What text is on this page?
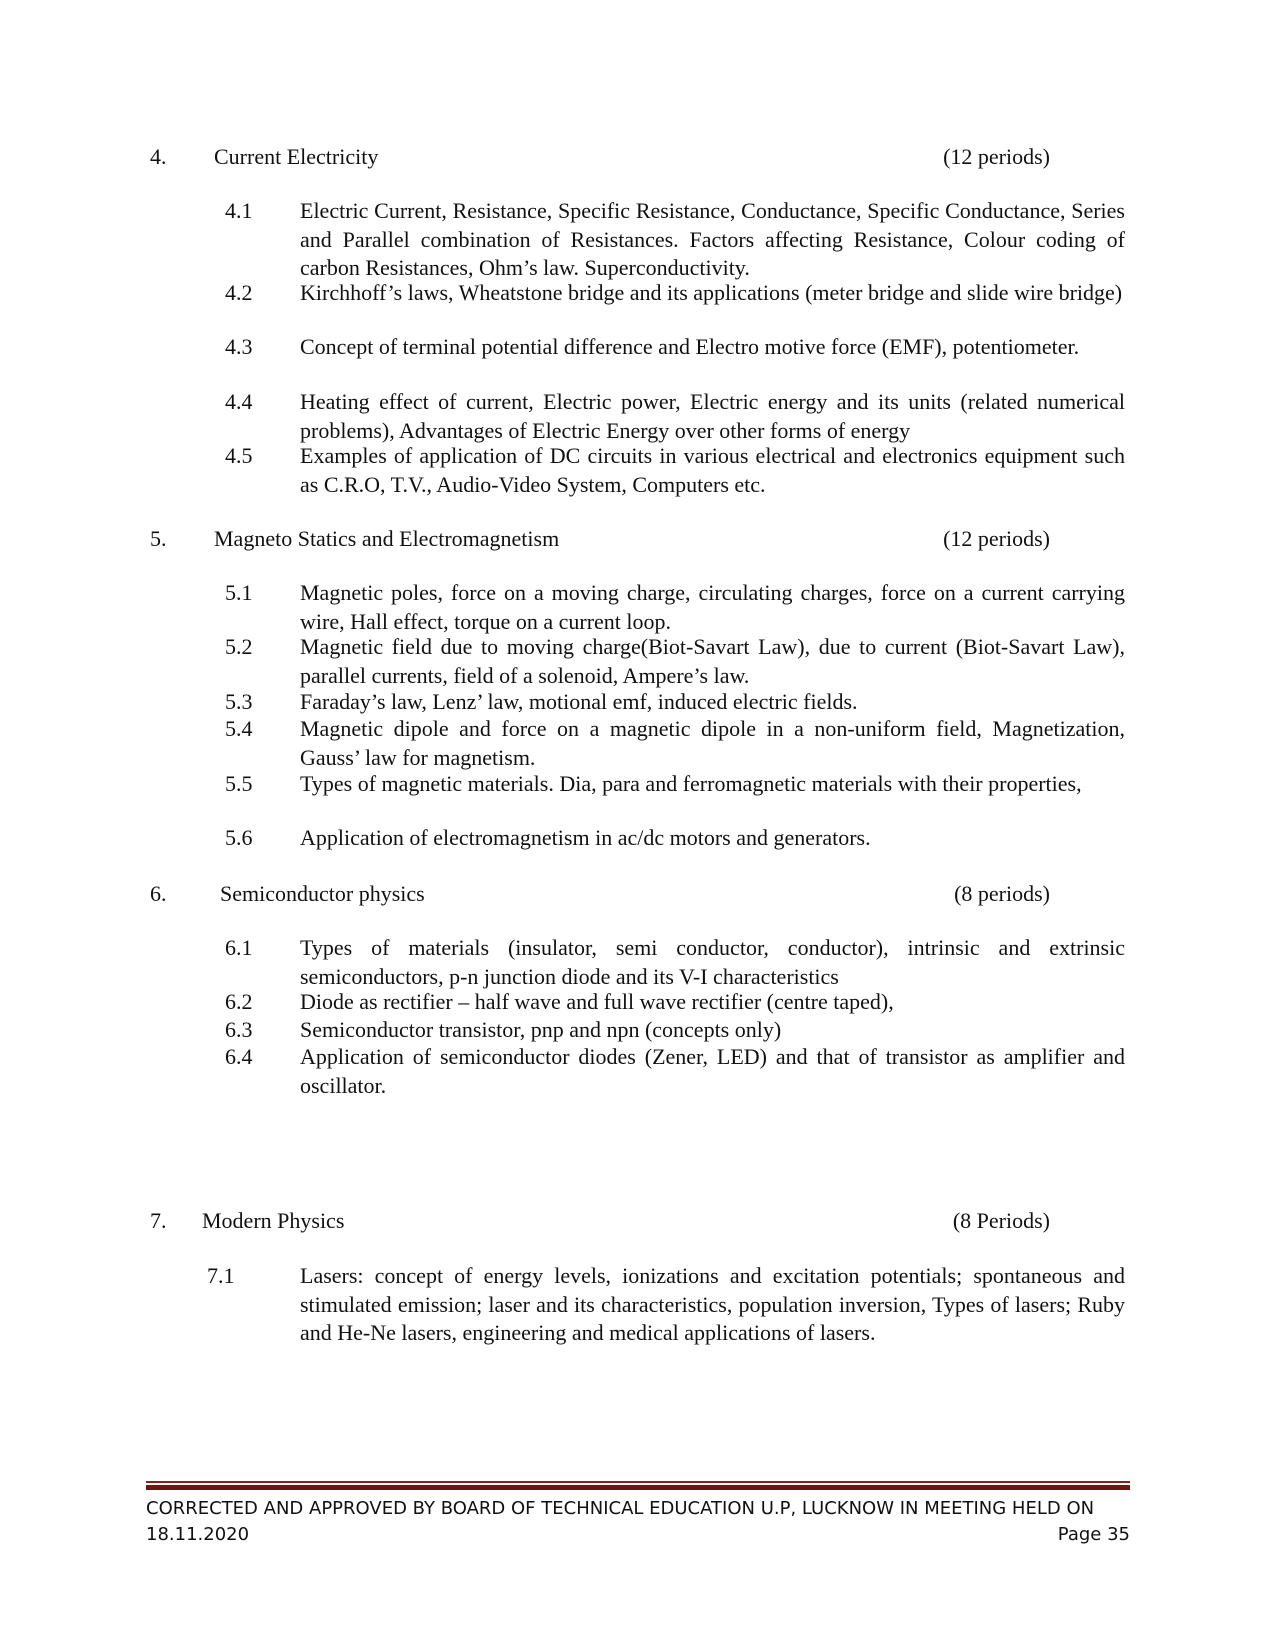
4. Current Electricity	(12 periods)
4.1 Electric Current, Resistance, Specific Resistance, Conductance, Specific Conductance, Series and Parallel combination of Resistances. Factors affecting Resistance, Colour coding of carbon Resistances, Ohm’s law. Superconductivity.
4.2 Kirchhoff’s laws, Wheatstone bridge and its applications (meter bridge and slide wire bridge)
4.3 Concept of terminal potential difference and Electro motive force (EMF), potentiometer.
4.4 Heating effect of current, Electric power, Electric energy and its units (related numerical problems), Advantages of Electric Energy over other forms of energy
4.5 Examples of application of DC circuits in various electrical and electronics equipment such as C.R.O, T.V., Audio-Video System, Computers etc.
5. Magneto Statics and Electromagnetism	(12 periods)
5.1 Magnetic poles, force on a moving charge, circulating charges, force on a current carrying wire, Hall effect, torque on a current loop.
5.2 Magnetic field due to moving charge(Biot-Savart Law), due to current (Biot-Savart Law), parallel currents, field of a solenoid, Ampere’s law.
5.3 Faraday’s law, Lenz’ law, motional emf, induced electric fields.
5.4 Magnetic dipole and force on a magnetic dipole in a non-uniform field, Magnetization, Gauss’ law for magnetism.
5.5 Types of magnetic materials. Dia, para and ferromagnetic materials with their properties,
5.6 Application of electromagnetism in ac/dc motors and generators.
6. Semiconductor physics	(8 periods)
6.1 Types of materials (insulator, semi conductor, conductor), intrinsic and extrinsic semiconductors, p-n junction diode and its V-I characteristics
6.2 Diode as rectifier – half wave and full wave rectifier (centre taped),
6.3 Semiconductor transistor, pnp and npn (concepts only)
6.4 Application of semiconductor diodes (Zener, LED) and that of transistor as amplifier and oscillator.
7. Modern Physics	(8 Periods)
7.1	Lasers: concept of energy levels, ionizations and excitation potentials; spontaneous and stimulated emission; laser and its characteristics, population inversion, Types of lasers; Ruby and He-Ne lasers, engineering and medical applications of lasers.
CORRECTED AND APPROVED BY BOARD OF TECHNICAL EDUCATION U.P, LUCKNOW IN MEETING HELD ON
18.11.2020	Page 35
